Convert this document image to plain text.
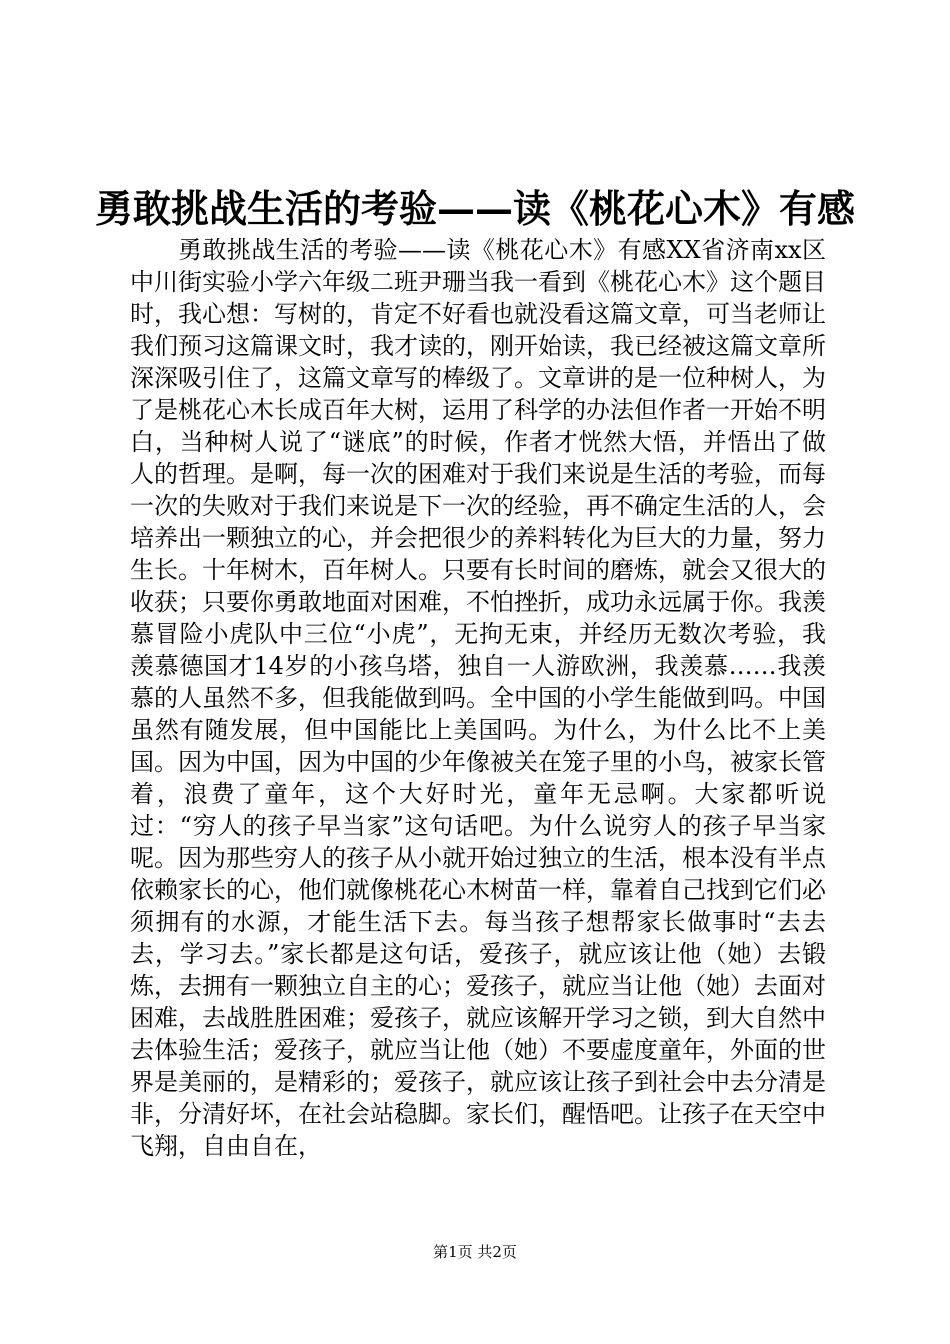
勇敢挑战生活的考验——读《桃花心木》有感

勇敢挑战生活的考验——读《桃花心木》有感XX省济南xx区中川街实验小学六年级二班尹珊当我一看到《桃花心木》这个题目时，我心想：写树的，肯定不好看也就没看这篇文章，可当老师让我们预习这篇课文时，我才读的，刚开始读，我已经被这篇文章所深深吸引住了，这篇文章写的棒级了。文章讲的是一位种树人，为了是桃花心木长成百年大树，运用了科学的办法但作者一开始不明白，当种树人说了“谜底”的时候，作者才恍然大悟，并悟出了做人的哲理。是啊，每一次的困难对于我们来说是生活的考验，而每一次的失败对于我们来说是下一次的经验，再不确定生活的人，会培养出一颗独立的心，并会把很少的养料转化为巨大的力量，努力生长。十年树木，百年树人。只要有长时间的磨炼，就会又很大的收获；只要你勇敢地面对困难，不怕挫折，成功永远属于你。我羡慕冒险小虎队中三位“小虎”，无拘无束，并经历无数次考验，我羡慕德国才14岁的小孩乌塔，独自一人游欧洲，我羡慕……我羡慕的人虽然不多，但我能做到吗。全中国的小学生能做到吗。中国虽然有随发展，但中国能比上美国吗。为什么，为什么比不上美国。因为中国，因为中国的少年像被关在笼子里的小鸟，被家长管着，浪费了童年，这个大好时光，童年无忌啊。大家都听说过：“穷人的孩子早当家”这句话吧。为什么说穷人的孩子早当家呢。因为那些穷人的孩子从小就开始过独立的生活，根本没有半点依赖家长的心，他们就像桃花心木树苗一样，靠着自己找到它们必须拥有的水源，才能生活下去。每当孩子想帮家长做事时“去去去，学习去。”家长都是这句话，爱孩子，就应该让他（她）去锻炼，去拥有一颗独立自主的心；爱孩子，就应当让他（她）去面对困难，去战胜胜困难；爱孩子，就应该解开学习之锁，到大自然中去体验生活；爱孩子，就应当让他（她）不要虚度童年，外面的世界是美丽的，是精彩的；爱孩子，就应该让孩子到社会中去分清是非，分清好坏，在社会站稳脚。家长们，醒悟吧。让孩子在天空中飞翔，自由自在，

第1页 共2页
